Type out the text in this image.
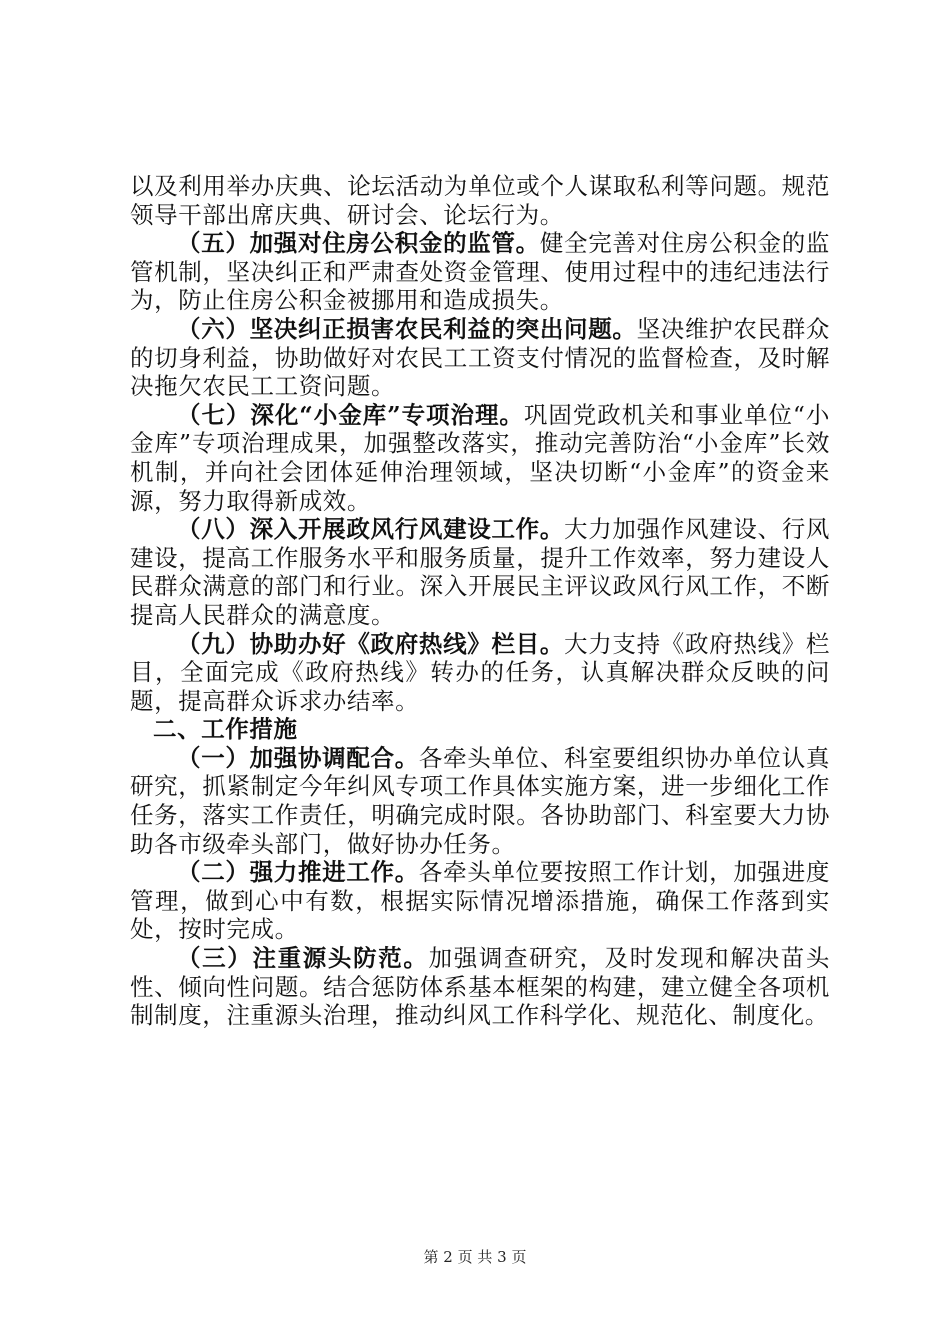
以及利用举办庆典、论坛活动为单位或个人谋取私利等问题。规范领导干部出席庆典、研讨会、论坛行为。

（五）加强对住房公积金的监管。健全完善对住房公积金的监管机制，坚决纠正和严肃查处资金管理、使用过程中的违纪违法行为，防止住房公积金被挪用和造成损失。

（六）坚决纠正损害农民利益的突出问题。坚决维护农民群众的切身利益，协助做好对农民工工资支付情况的监督检查，及时解决拖欠农民工工资问题。

（七）深化“小金库”专项治理。巩固党政机关和事业单位“小金库”专项治理成果，加强整改落实，推动完善防治“小金库”长效机制，并向社会团体延伸治理领域，坚决切断“小金库”的资金来源，努力取得新成效。

（八）深入开展政风行风建设工作。大力加强作风建设、行风建设，提高工作服务水平和服务质量，提升工作效率，努力建设人民群众满意的部门和行业。深入开展民主评议政风行风工作，不断提高人民群众的满意度。

（九）协助办好《政府热线》栏目。大力支持《政府热线》栏目，全面完成《政府热线》转办的任务，认真解决群众反映的问题，提高群众诉求办结率。

二、工作措施

（一）加强协调配合。各牵头单位、科室要组织协办单位认真研究，抓紧制定今年纠风专项工作具体实施方案，进一步细化工作任务，落实工作责任，明确完成时限。各协助部门、科室要大力协助各市级牵头部门，做好协办任务。

（二）强力推进工作。各牵头单位要按照工作计划，加强进度管理，做到心中有数，根据实际情况增添措施，确保工作落到实处，按时完成。

（三）注重源头防范。加强调查研究，及时发现和解决苗头性、倾向性问题。结合惩防体系基本框架的构建，建立健全各项机制制度，注重源头治理，推动纠风工作科学化、规范化、制度化。

第 2 页 共 3 页
